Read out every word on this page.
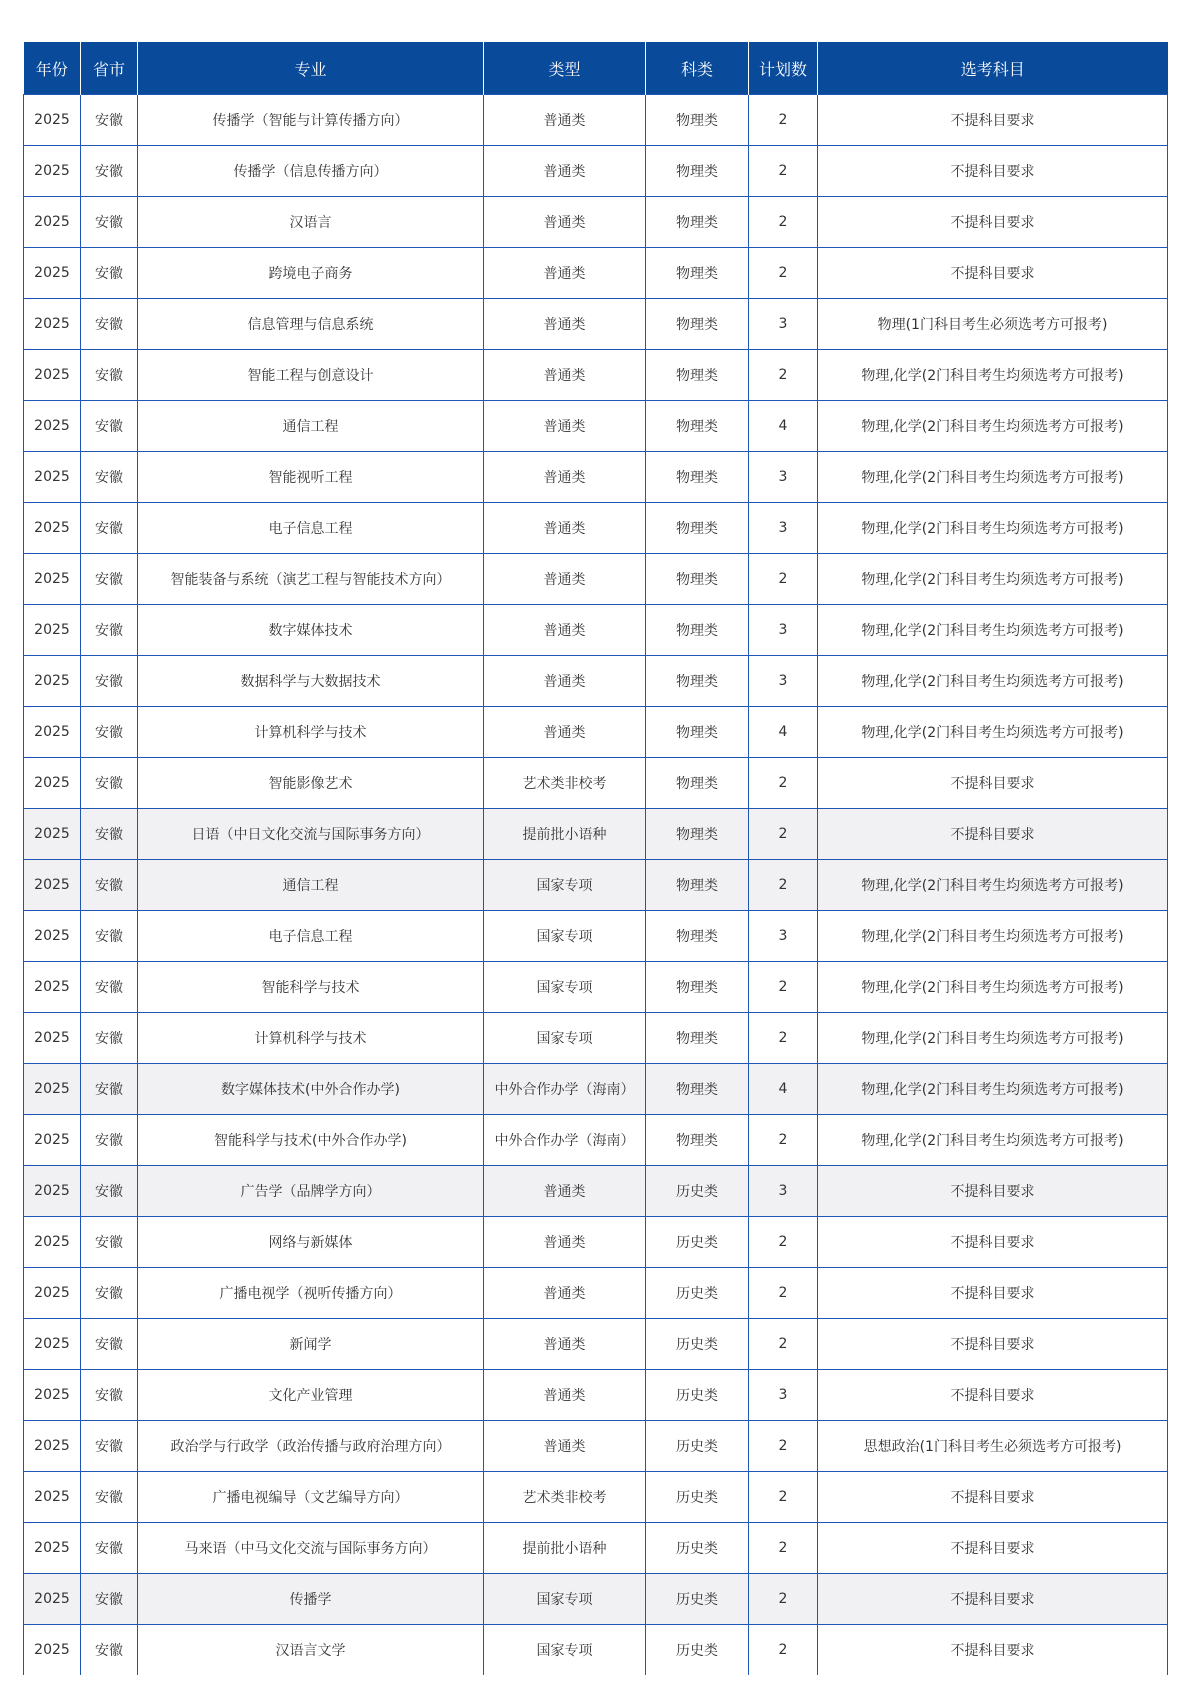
年份	省市	专业	类型	科类	计划数	选考科目
2025	安徽	传播学（智能与计算传播方向）	普通类	物理类	2	不提科目要求
2025	安徽	传播学（信息传播方向）	普通类	物理类	2	不提科目要求
2025	安徽	汉语言	普通类	物理类	2	不提科目要求
2025	安徽	跨境电子商务	普通类	物理类	2	不提科目要求
2025	安徽	信息管理与信息系统	普通类	物理类	3	物理(1门科目考生必须选考方可报考)
2025	安徽	智能工程与创意设计	普通类	物理类	2	物理,化学(2门科目考生均须选考方可报考)
2025	安徽	通信工程	普通类	物理类	4	物理,化学(2门科目考生均须选考方可报考)
2025	安徽	智能视听工程	普通类	物理类	3	物理,化学(2门科目考生均须选考方可报考)
2025	安徽	电子信息工程	普通类	物理类	3	物理,化学(2门科目考生均须选考方可报考)
2025	安徽	智能装备与系统（演艺工程与智能技术方向）	普通类	物理类	2	物理,化学(2门科目考生均须选考方可报考)
2025	安徽	数字媒体技术	普通类	物理类	3	物理,化学(2门科目考生均须选考方可报考)
2025	安徽	数据科学与大数据技术	普通类	物理类	3	物理,化学(2门科目考生均须选考方可报考)
2025	安徽	计算机科学与技术	普通类	物理类	4	物理,化学(2门科目考生均须选考方可报考)
2025	安徽	智能影像艺术	艺术类非校考	物理类	2	不提科目要求
2025	安徽	日语（中日文化交流与国际事务方向）	提前批小语种	物理类	2	不提科目要求
2025	安徽	通信工程	国家专项	物理类	2	物理,化学(2门科目考生均须选考方可报考)
2025	安徽	电子信息工程	国家专项	物理类	3	物理,化学(2门科目考生均须选考方可报考)
2025	安徽	智能科学与技术	国家专项	物理类	2	物理,化学(2门科目考生均须选考方可报考)
2025	安徽	计算机科学与技术	国家专项	物理类	2	物理,化学(2门科目考生均须选考方可报考)
2025	安徽	数字媒体技术(中外合作办学)	中外合作办学（海南）	物理类	4	物理,化学(2门科目考生均须选考方可报考)
2025	安徽	智能科学与技术(中外合作办学)	中外合作办学（海南）	物理类	2	物理,化学(2门科目考生均须选考方可报考)
2025	安徽	广告学（品牌学方向）	普通类	历史类	3	不提科目要求
2025	安徽	网络与新媒体	普通类	历史类	2	不提科目要求
2025	安徽	广播电视学（视听传播方向）	普通类	历史类	2	不提科目要求
2025	安徽	新闻学	普通类	历史类	2	不提科目要求
2025	安徽	文化产业管理	普通类	历史类	3	不提科目要求
2025	安徽	政治学与行政学（政治传播与政府治理方向）	普通类	历史类	2	思想政治(1门科目考生必须选考方可报考)
2025	安徽	广播电视编导（文艺编导方向）	艺术类非校考	历史类	2	不提科目要求
2025	安徽	马来语（中马文化交流与国际事务方向）	提前批小语种	历史类	2	不提科目要求
2025	安徽	传播学	国家专项	历史类	2	不提科目要求
2025	安徽	汉语言文学	国家专项	历史类	2	不提科目要求
